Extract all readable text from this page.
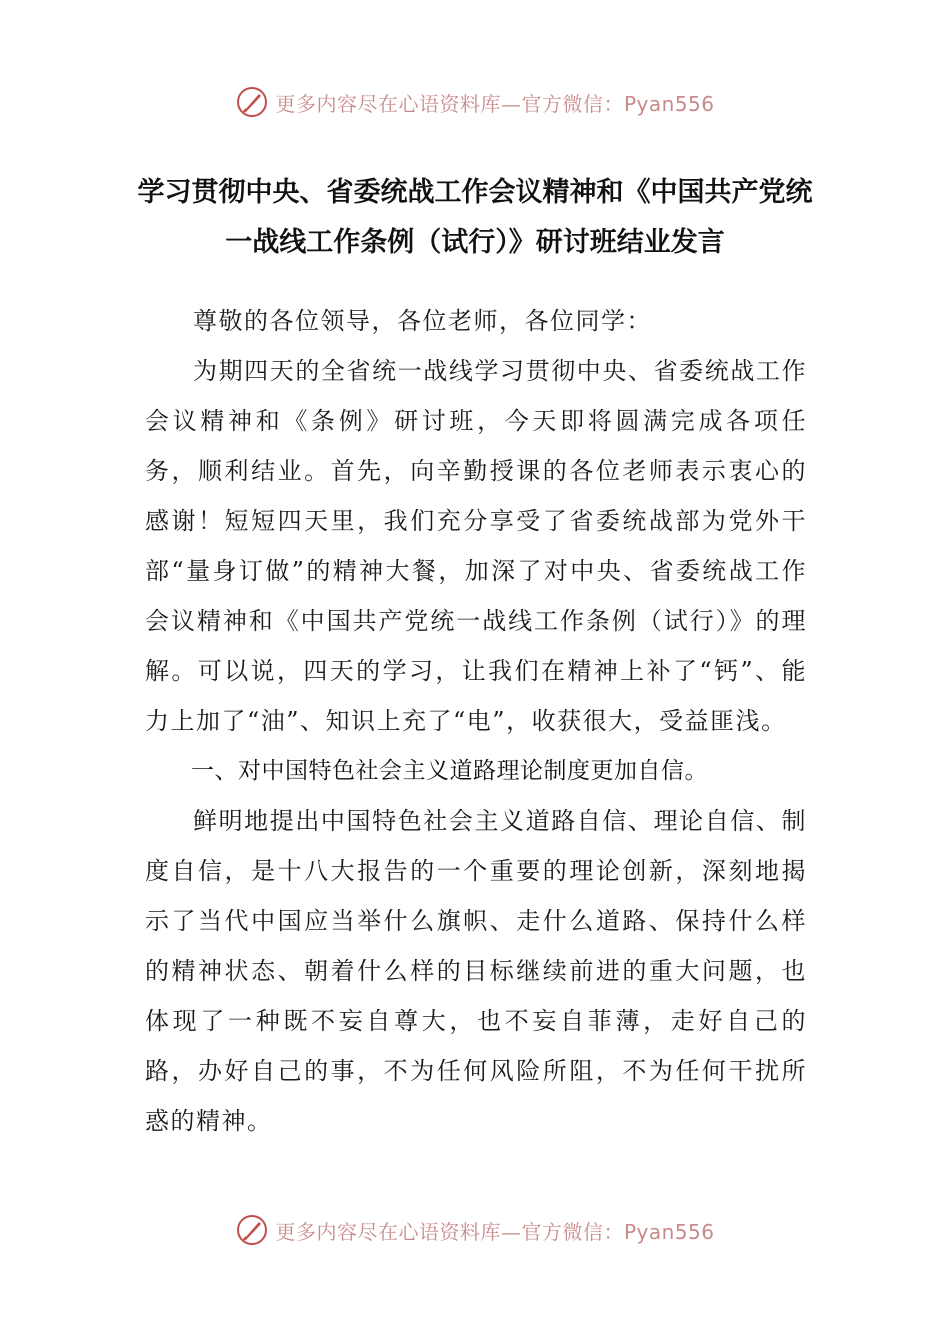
更多内容尽在心语资料库—官方微信：Pyan556
学习贯彻中央、省委统战工作会议精神和《中国共产党统
一战线工作条例（试行）》研讨班结业发言

尊敬的各位领导，各位老师，各位同学：

为期四天的全省统一战线学习贯彻中央、省委统战工作会议精神和《条例》研讨班，今天即将圆满完成各项任务，顺利结业。首先，向辛勤授课的各位老师表示衷心的感谢！短短四天里，我们充分享受了省委统战部为党外干部“量身订做”的精神大餐，加深了对中央、省委统战工作会议精神和《中国共产党统一战线工作条例（试行）》的理解。可以说，四天的学习，让我们在精神上补了“钙”、能力上加了“油”、知识上充了“电”，收获很大，受益匪浅。

一、对中国特色社会主义道路理论制度更加自信。

鲜明地提出中国特色社会主义道路自信、理论自信、制度自信，是十八大报告的一个重要的理论创新，深刻地揭示了当代中国应当举什么旗帜、走什么道路、保持什么样的精神状态、朝着什么样的目标继续前进的重大问题，也体现了一种既不妄自尊大，也不妄自菲薄，走好自己的路，办好自己的事，不为任何风险所阻，不为任何干扰所惑的精神。

更多内容尽在心语资料库—官方微信：Pyan556
